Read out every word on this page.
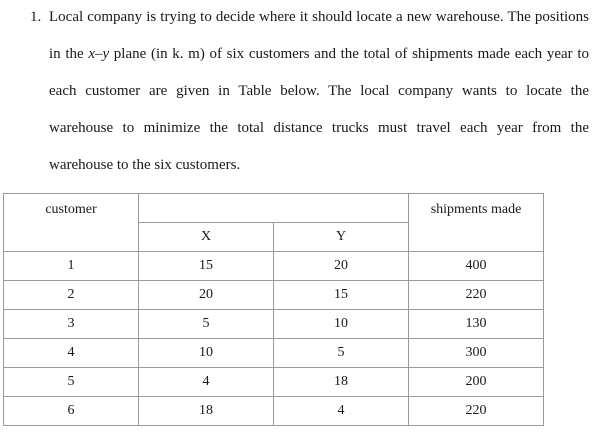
1. Local company is trying to decide where it should locate a new warehouse. The positions
in the x–y plane (in k. m) of six customers and the total of shipments made each year to
each customer are given in Table below. The local company wants to locate the
warehouse to minimize the total distance trucks must travel each year from the
warehouse to the six customers.
customer			shipments made
	X	Y	
1	15	20	400
2	20	15	220
3	5	10	130
4	10	5	300
5	4	18	200
6	18	4	220
